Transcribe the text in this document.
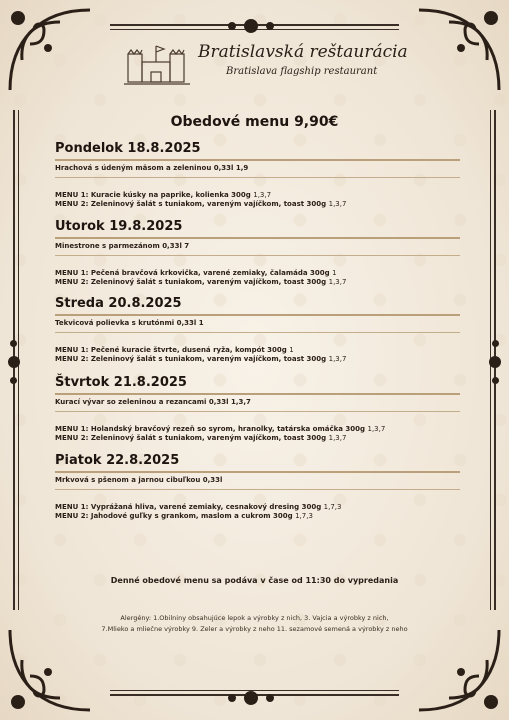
Bratislavská reštaurácia
Bratislava flagship restaurant
Obedové menu 9,90€
Pondelok 18.8.2025
Hrachová s údeným mäsom a zeleninou 0,33l 1,9
MENU 1: Kuracie kúsky na paprike, kolienka 300g 1,3,7
MENU 2: Zeleninový šalát s tuniakom, vareným vajíčkom, toast 300g 1,3,7
Utorok 19.8.2025
Minestrone s parmezánom 0,33l 7
MENU 1: Pečená bravčová krkovička, varené zemiaky, čalamáda 300g 1
MENU 2: Zeleninový šalát s tuniakom, vareným vajíčkom, toast 300g 1,3,7
Streda 20.8.2025
Tekvicová polievka s krutónmi 0,33l 1
MENU 1: Pečené kuracie štvrte, dusená ryža, kompót 300g 1
MENU 2: Zeleninový šalát s tuniakom, vareným vajíčkom, toast 300g 1,3,7
Štvrtok 21.8.2025
Kurací vývar so zeleninou a rezancami 0,33l 1,3,7
MENU 1: Holandský bravčový rezeň so syrom, hranolky, tatárska omáčka 300g 1,3,7
MENU 2: Zeleninový šalát s tuniakom, vareným vajíčkom, toast 300g 1,3,7
Piatok 22.8.2025
Mrkvová s pšenom a jarnou cibuľkou 0,33l
MENU 1: Vyprážaná hliva, varené zemiaky, cesnakový dresing 300g 1,7,3
MENU 2: Jahodové guľky s grankom, maslom a cukrom 300g 1,7,3
Denné obedové menu sa podáva v čase od 11:30 do vypredania
Alergény: 1.Obilniny obsahujúce lepok a výrobky z nich, 3. Vajcia a výrobky z nich,
7.Mlieko a mliečne výrobky 9. Zeler a výrobky z neho 11. sezamové semená a výrobky z neho
